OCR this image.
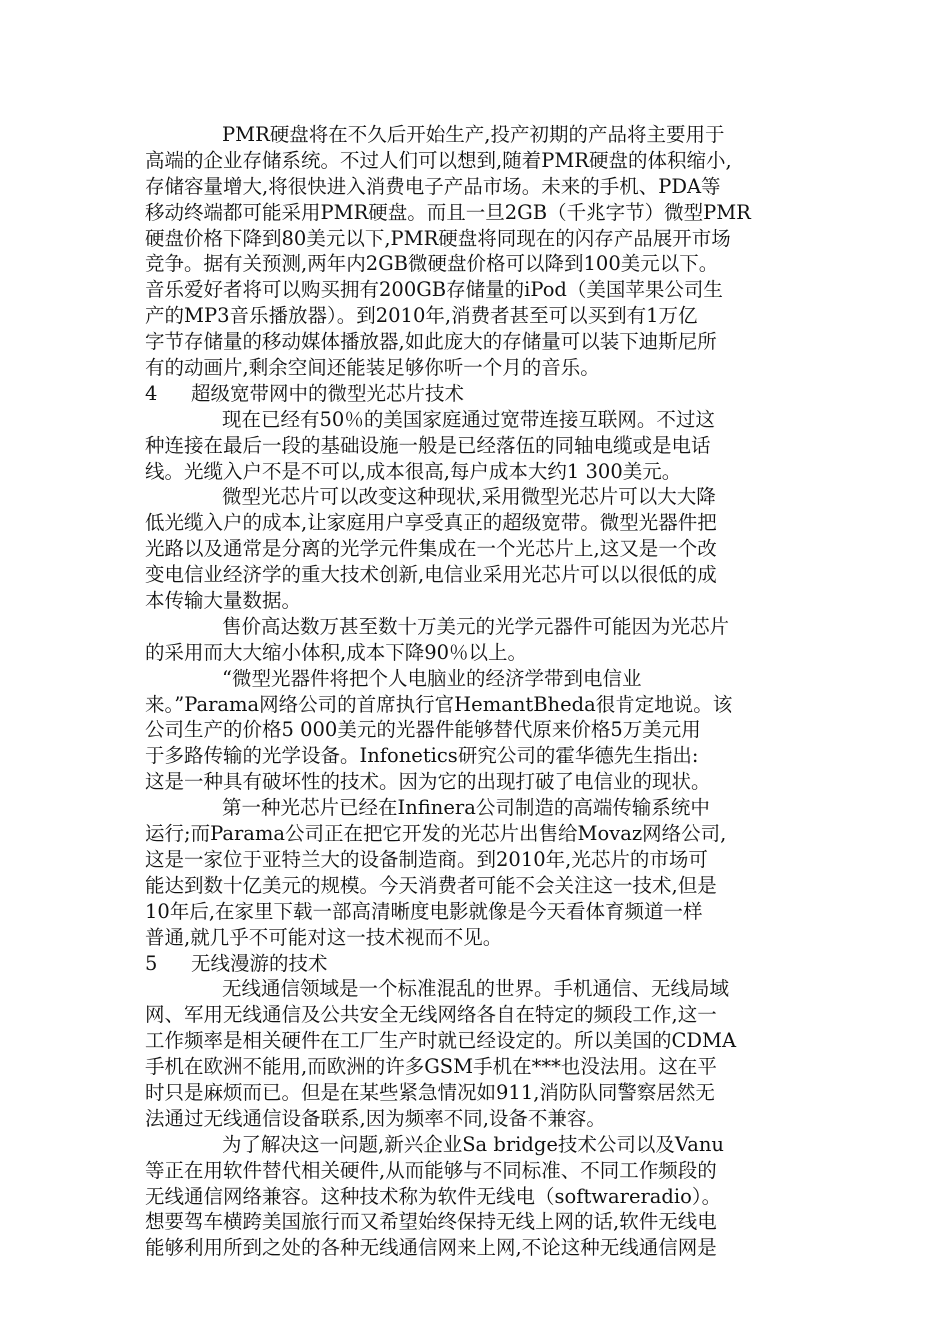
PMR硬盘将在不久后开始生产,投产初期的产品将主要用于
高端的企业存储系统。不过人们可以想到,随着PMR硬盘的体积缩小,
存储容量增大,将很快进入消费电子产品市场。未来的手机、PDA等
移动终端都可能采用PMR硬盘。而且一旦2GB（千兆字节）微型PMR
硬盘价格下降到80美元以下,PMR硬盘将同现在的闪存产品展开市场
竞争。据有关预测,两年内2GB微硬盘价格可以降到100美元以下。
音乐爱好者将可以购买拥有200GB存储量的iPod（美国苹果公司生
产的MP3音乐播放器）。到2010年,消费者甚至可以买到有1万亿
字节存储量的移动媒体播放器,如此庞大的存储量可以装下迪斯尼所
有的动画片,剩余空间还能装足够你听一个月的音乐。
4 超级宽带网中的微型光芯片技术
现在已经有50％的美国家庭通过宽带连接互联网。不过这
种连接在最后一段的基础设施一般是已经落伍的同轴电缆或是电话
线。光缆入户不是不可以,成本很高,每户成本大约1 300美元。
微型光芯片可以改变这种现状,采用微型光芯片可以大大降
低光缆入户的成本,让家庭用户享受真正的超级宽带。微型光器件把
光路以及通常是分离的光学元件集成在一个光芯片上,这又是一个改
变电信业经济学的重大技术创新,电信业采用光芯片可以以很低的成
本传输大量数据。
售价高达数万甚至数十万美元的光学元器件可能因为光芯片
的采用而大大缩小体积,成本下降90％以上。
“微型光器件将把个人电脑业的经济学带到电信业
来。”Parama网络公司的首席执行官HemantBheda很肯定地说。该
公司生产的价格5 000美元的光器件能够替代原来价格5万美元用
于多路传输的光学设备。Infonetics研究公司的霍华德先生指出:
这是一种具有破坏性的技术。因为它的出现打破了电信业的现状。
第一种光芯片已经在Infinera公司制造的高端传输系统中
运行;而Parama公司正在把它开发的光芯片出售给Movaz网络公司,
这是一家位于亚特兰大的设备制造商。到2010年,光芯片的市场可
能达到数十亿美元的规模。今天消费者可能不会关注这一技术,但是
10年后,在家里下载一部高清晰度电影就像是今天看体育频道一样
普通,就几乎不可能对这一技术视而不见。
5 无线漫游的技术
无线通信领域是一个标准混乱的世界。手机通信、无线局域
网、军用无线通信及公共安全无线网络各自在特定的频段工作,这一
工作频率是相关硬件在工厂生产时就已经设定的。所以美国的CDMA
手机在欧洲不能用,而欧洲的许多GSM手机在***也没法用。这在平
时只是麻烦而已。但是在某些紧急情况如911,消防队同警察居然无
法通过无线通信设备联系,因为频率不同,设备不兼容。
为了解决这一问题,新兴企业Sa bridge技术公司以及Vanu
等正在用软件替代相关硬件,从而能够与不同标准、不同工作频段的
无线通信网络兼容。这种技术称为软件无线电（softwareradio）。
想要驾车横跨美国旅行而又希望始终保持无线上网的话,软件无线电
能够利用所到之处的各种无线通信网来上网,不论这种无线通信网是
